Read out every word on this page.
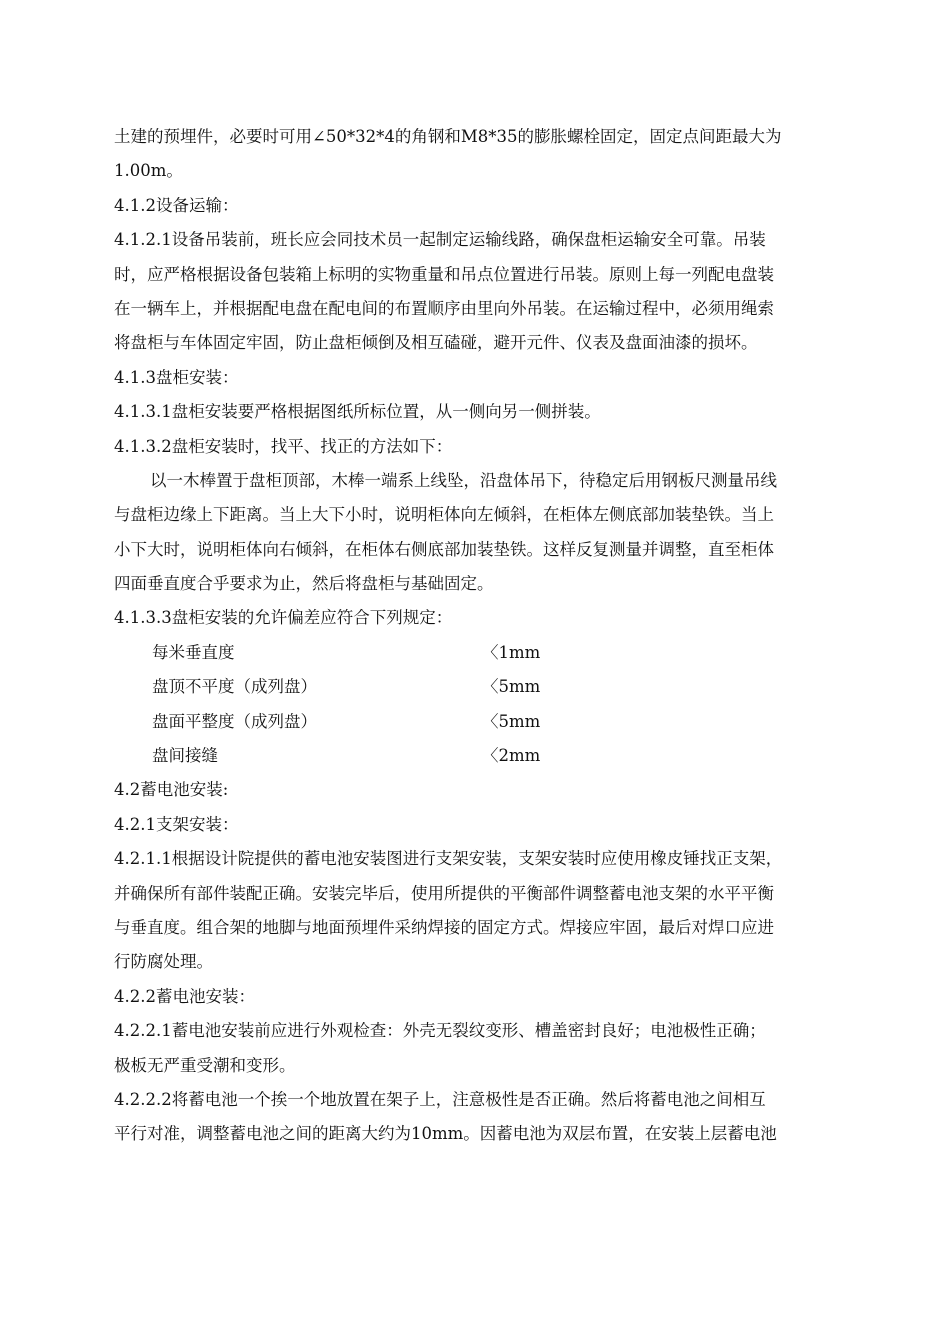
土建的预埋件，必要时可用∠50*32*4的角钢和M8*35的膨胀螺栓固定，固定点间距最大为
1.00m。
4.1.2设备运输：
4.1.2.1设备吊装前，班长应会同技术员一起制定运输线路，确保盘柜运输安全可靠。吊装
时，应严格根据设备包装箱上标明的实物重量和吊点位置进行吊装。原则上每一列配电盘装
在一辆车上，并根据配电盘在配电间的布置顺序由里向外吊装。在运输过程中，必须用绳索
将盘柜与车体固定牢固，防止盘柜倾倒及相互磕碰，避开元件、仪表及盘面油漆的损坏。
4.1.3盘柜安装：
4.1.3.1盘柜安装要严格根据图纸所标位置，从一侧向另一侧拼装。
4.1.3.2盘柜安装时，找平、找正的方法如下：
以一木棒置于盘柜顶部，木棒一端系上线坠，沿盘体吊下，待稳定后用钢板尺测量吊线
与盘柜边缘上下距离。当上大下小时，说明柜体向左倾斜，在柜体左侧底部加装垫铁。当上
小下大时，说明柜体向右倾斜，在柜体右侧底部加装垫铁。这样反复测量并调整，直至柜体
四面垂直度合乎要求为止，然后将盘柜与基础固定。
4.1.3.3盘柜安装的允许偏差应符合下列规定：
每米垂直度	〈1mm
盘顶不平度（成列盘）	〈5mm
盘面平整度（成列盘）	〈5mm
盘间接缝	〈2mm
4.2蓄电池安装:
4.2.1支架安装：
4.2.1.1根据设计院提供的蓄电池安装图进行支架安装，支架安装时应使用橡皮锤找正支架，
并确保所有部件装配正确。安装完毕后，使用所提供的平衡部件调整蓄电池支架的水平平衡
与垂直度。组合架的地脚与地面预埋件采纳焊接的固定方式。焊接应牢固，最后对焊口应进
行防腐处理。
4.2.2蓄电池安装：
4.2.2.1蓄电池安装前应进行外观检查：外壳无裂纹变形、槽盖密封良好；电池极性正确；
极板无严重受潮和变形。
4.2.2.2将蓄电池一个挨一个地放置在架子上，注意极性是否正确。然后将蓄电池之间相互
平行对准，调整蓄电池之间的距离大约为10mm。因蓄电池为双层布置，在安装上层蓄电池
